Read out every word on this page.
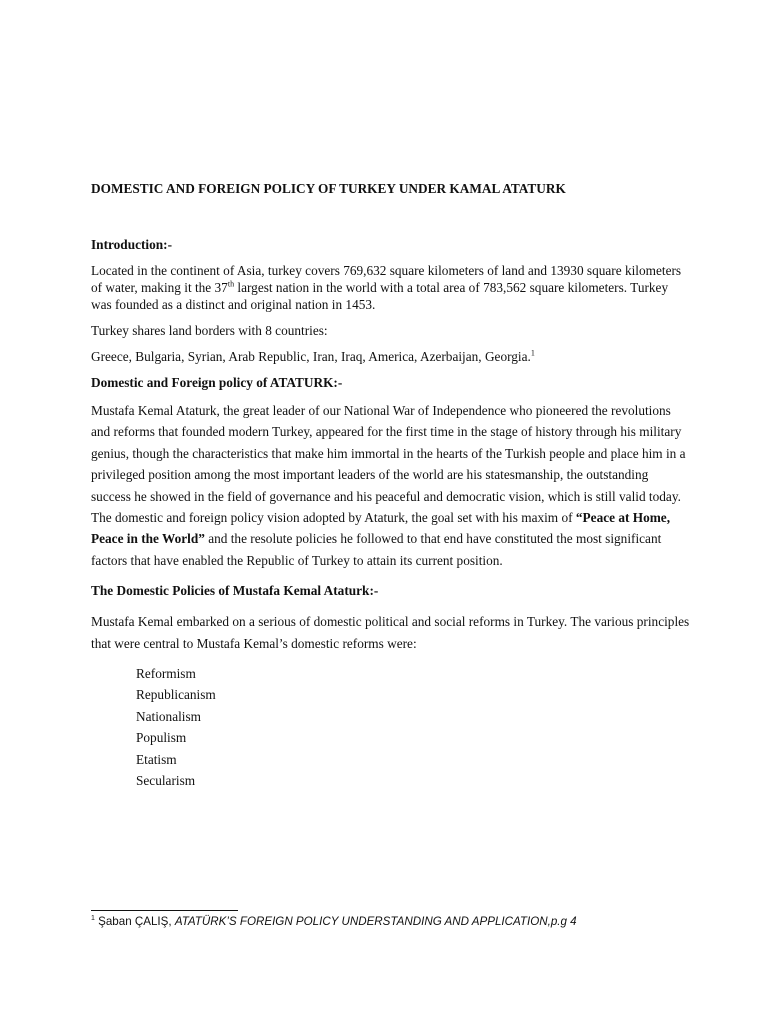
DOMESTIC AND FOREIGN POLICY OF TURKEY UNDER KAMAL ATATURK

Introduction:-

Located in the continent of Asia, turkey covers 769,632 square kilometers of land and 13930 square kilometers of water, making it the 37th largest nation in the world with a total area of 783,562 square kilometers. Turkey was founded as a distinct and original nation in 1453.

Turkey shares land borders with 8 countries:

Greece, Bulgaria, Syrian, Arab Republic, Iran, Iraq, America, Azerbaijan, Georgia.$^1$

Domestic and Foreign policy of ATATURK:-

Mustafa Kemal Ataturk, the great leader of our National War of Independence who pioneered the revolutions and reforms that founded modern Turkey, appeared for the first time in the stage of history through his military genius, though the characteristics that make him immortal in the hearts of the Turkish people and place him in a privileged position among the most important leaders of the world are his statesmanship, the outstanding success he showed in the field of governance and his peaceful and democratic vision, which is still valid today. The domestic and foreign policy vision adopted by Ataturk, the goal set with his maxim of “Peace at Home, Peace in the World” and the resolute policies he followed to that end have constituted the most significant factors that have enabled the Republic of Turkey to attain its current position.

The Domestic Policies of Mustafa Kemal Ataturk:-

Mustafa Kemal embarked on a serious of domestic political and social reforms in Turkey. The various principles that were central to Mustafa Kemal’s domestic reforms were:

Reformism
Republicanism
Nationalism
Populism
Etatism
Secularism
$^1$ Şaban ÇALIŞ, ATATÜRK’S FOREIGN POLICY UNDERSTANDING AND APPLICATION,p.g 4
